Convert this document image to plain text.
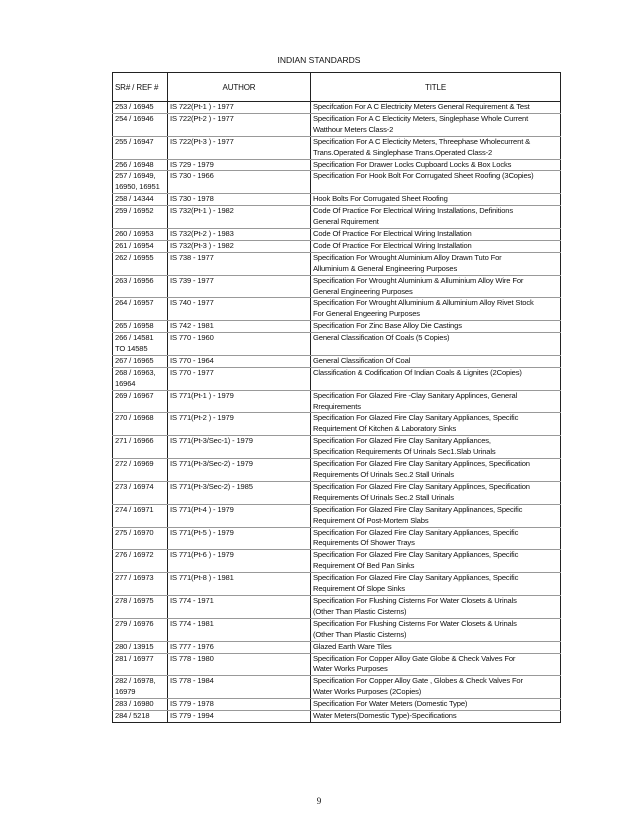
INDIAN STANDARDS
SR# / REF #	AUTHOR	TITLE
253 / 16945	IS 722(Pt-1 ) - 1977	Specifcation For A C Electricity Meters General Requirement & Test
254 / 16946	IS 722(Pt-2 ) - 1977	Specification For A C Electicity Meters, Singlephase Whole Current
Watthour Meters Class-2
255 / 16947	IS 722(Pt-3 ) - 1977	Specification For A C Electicity Meters, Threephase Wholecurrent &
Trans.Operated & Singlephase Trans.Operated Class-2
256 / 16948	IS 729 - 1979	Specification For Drawer Locks Cupboard Locks & Box Locks
257 / 16949,
16950, 16951	IS 730 - 1966	Specification For Hook Bolt For Corrugated Sheet Roofing (3Copies)
258 / 14344	IS 730 - 1978	Hook Bolts For Corrugated Sheet Roofing
259 / 16952	IS 732(Pt-1 ) - 1982	Code Of Practice For Electrical Wiring Installations, Definitions
General Rquirement
260 / 16953	IS 732(Pt-2 ) - 1983	Code Of Practice For Electrical Wiring Installation
261 / 16954	IS 732(Pt-3 ) - 1982	Code Of Practice For Electrical Wiring Installation
262 / 16955	IS 738 - 1977	Specification For Wrought Aluminium Alloy Drawn Tuto For
Alluminium & General Engineering Purposes
263 / 16956	IS 739 - 1977	Specification For Wrought Aluminium & Alluminium Alloy Wire For
General Engineering Purposes
264 / 16957	IS 740 - 1977	Specification For Wrought Alluminium & Alluminium Alloy Rivet Stock
For General Engeering Purposes
265 / 16958	IS 742 - 1981	Specification For Zinc Base Alloy Die Castings
266 / 14581
TO 14585	IS 770 - 1960	General Classification Of Coals (5 Copies)
267 / 16965	IS 770 - 1964	General Classification Of Coal
268 / 16963,
16964	IS 770 - 1977	Classification & Codification Of Indian Coals & Lignites (2Copies)
269 / 16967	IS 771(Pt-1 ) - 1979	Specification For Glazed Fire -Clay Sanitary Applinces, General
Rrequirements
270 / 16968	IS 771(Pt-2 ) - 1979	Specification For Glazed Fire Clay Sanitary Appliances, Specific
Requirtement Of Kitchen & Laboratory Sinks
271 / 16966	IS 771(Pt-3/Sec-1) - 1979	Specification For Glazed Fire Clay Sanitary Appliances,
Specification Requirements Of Urinals Sec1.Slab Urinals
272 / 16969	IS 771(Pt-3/Sec-2) - 1979	Specification For Glazed Fire Clay Sanitary Applinces, Specification
Requirements Of Urinals Sec.2 Stall Urinals
273 / 16974	IS 771(Pt-3/Sec-2) - 1985	Specification For Glazed Fire Clay Sanitary Applinces, Specification
Requirements Of Urinals Sec.2 Stall Urinals
274 / 16971	IS 771(Pt-4 ) - 1979	Specification For Glazed Fire Clay Sanitary Applinances, Specific
Requirement Of Post-Mortem Slabs
275 / 16970	IS 771(Pt-5 ) - 1979	Specification For Glazed Fire Clay Sanitary Appliances, Specific
Requirements Of Shower Trays
276 / 16972	IS 771(Pt-6 ) - 1979	Specification For Glazed Fire Clay Sanitary Appliances, Specific
Requirement Of Bed Pan Sinks
277 / 16973	IS 771(Pt-8 ) - 1981	Specification For Glazed Fire Clay Sanitary Appliances, Specific
Requirement Of Slope Sinks
278 / 16975	IS 774 - 1971	Specification For Flushing Cisterns For Water Closets & Urinals
(Other Than Plastic Cisterns)
279 / 16976	IS 774 - 1981	Specification For Flushing Cisterns For Water Closets & Urinals
(Other Than Plastic Cisterns)
280 / 13915	IS 777 - 1976	Glazed Earth Ware Tiles
281 / 16977	IS 778 - 1980	Specification For Copper Alloy Gate Globe & Check Valves For
Water Works Purposes
282 / 16978,
16979	IS 778 - 1984	Specification For Copper Alloy Gate , Globes & Check Valves For
Water Works Purposes (2Copies)
283 / 16980	IS 779 - 1978	Specification For Water Meters (Domestic Type)
284 / 5218	IS 779 - 1994	Water Meters(Domestic Type)-Specifications
9
